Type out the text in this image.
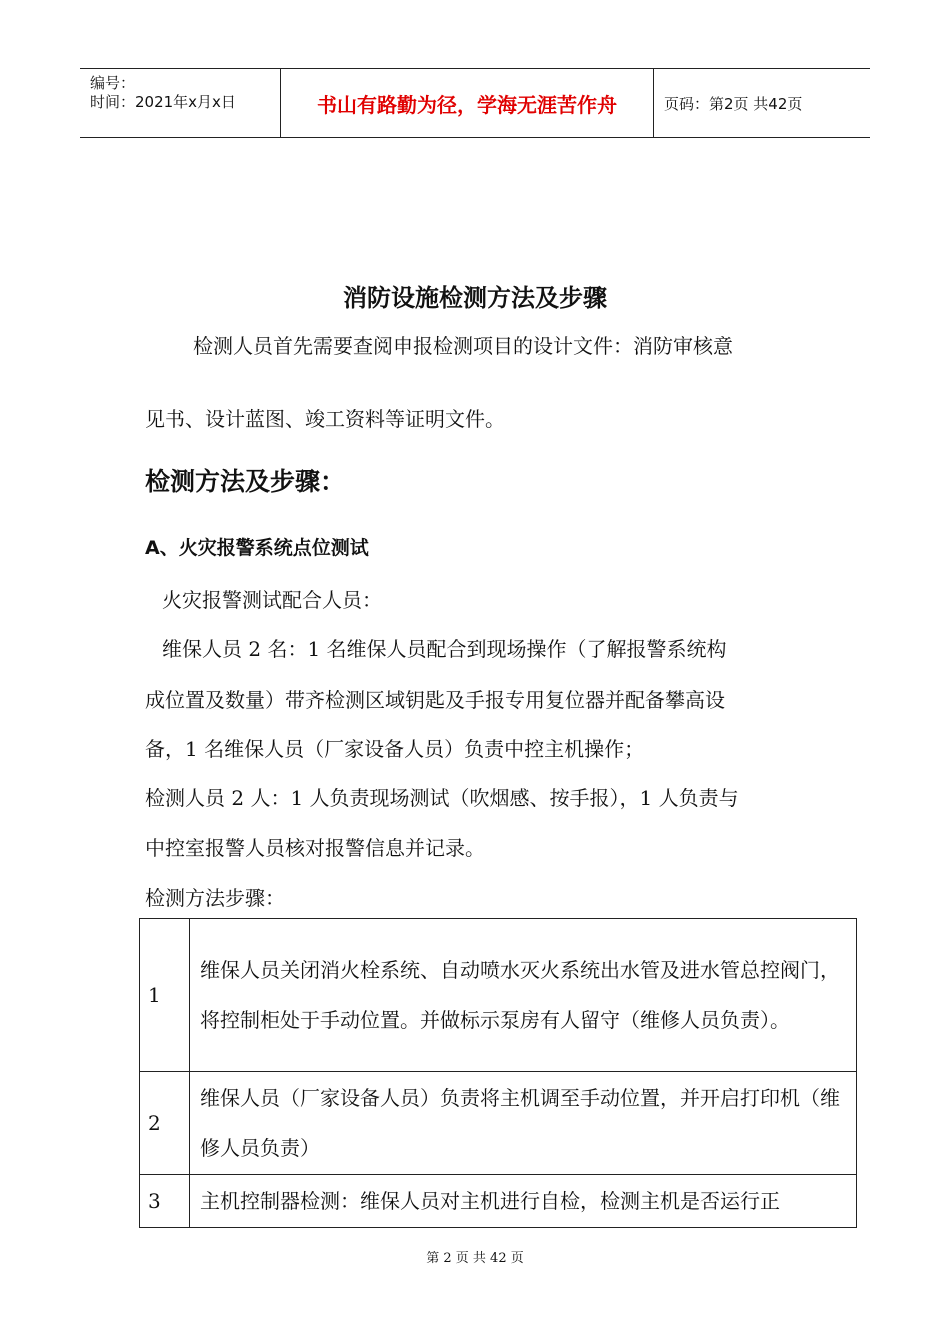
编号：
时间：2021年x月x日	书山有路勤为径，学海无涯苦作舟	页码：第2页 共42页
消防设施检测方法及步骤
检测人员首先需要查阅申报检测项目的设计文件：消防审核意
见书、设计蓝图、竣工资料等证明文件。
检测方法及步骤：
A、火灾报警系统点位测试
火灾报警测试配合人员：
维保人员 2 名：1 名维保人员配合到现场操作（了解报警系统构
成位置及数量）带齐检测区域钥匙及手报专用复位器并配备攀高设
备，1 名维保人员（厂家设备人员）负责中控主机操作；
检测人员 2 人：1 人负责现场测试（吹烟感、按手报），1 人负责与
中控室报警人员核对报警信息并记录。
检测方法步骤：
1	维保人员关闭消火栓系统、自动喷水灭火系统出水管及进水管总控阀门，将控制柜处于手动位置。并做标示泵房有人留守（维修人员负责）。
2	维保人员（厂家设备人员）负责将主机调至手动位置，并开启打印机（维修人员负责）
3	主机控制器检测：维保人员对主机进行自检，检测主机是否运行正
第 2 页 共 42 页
